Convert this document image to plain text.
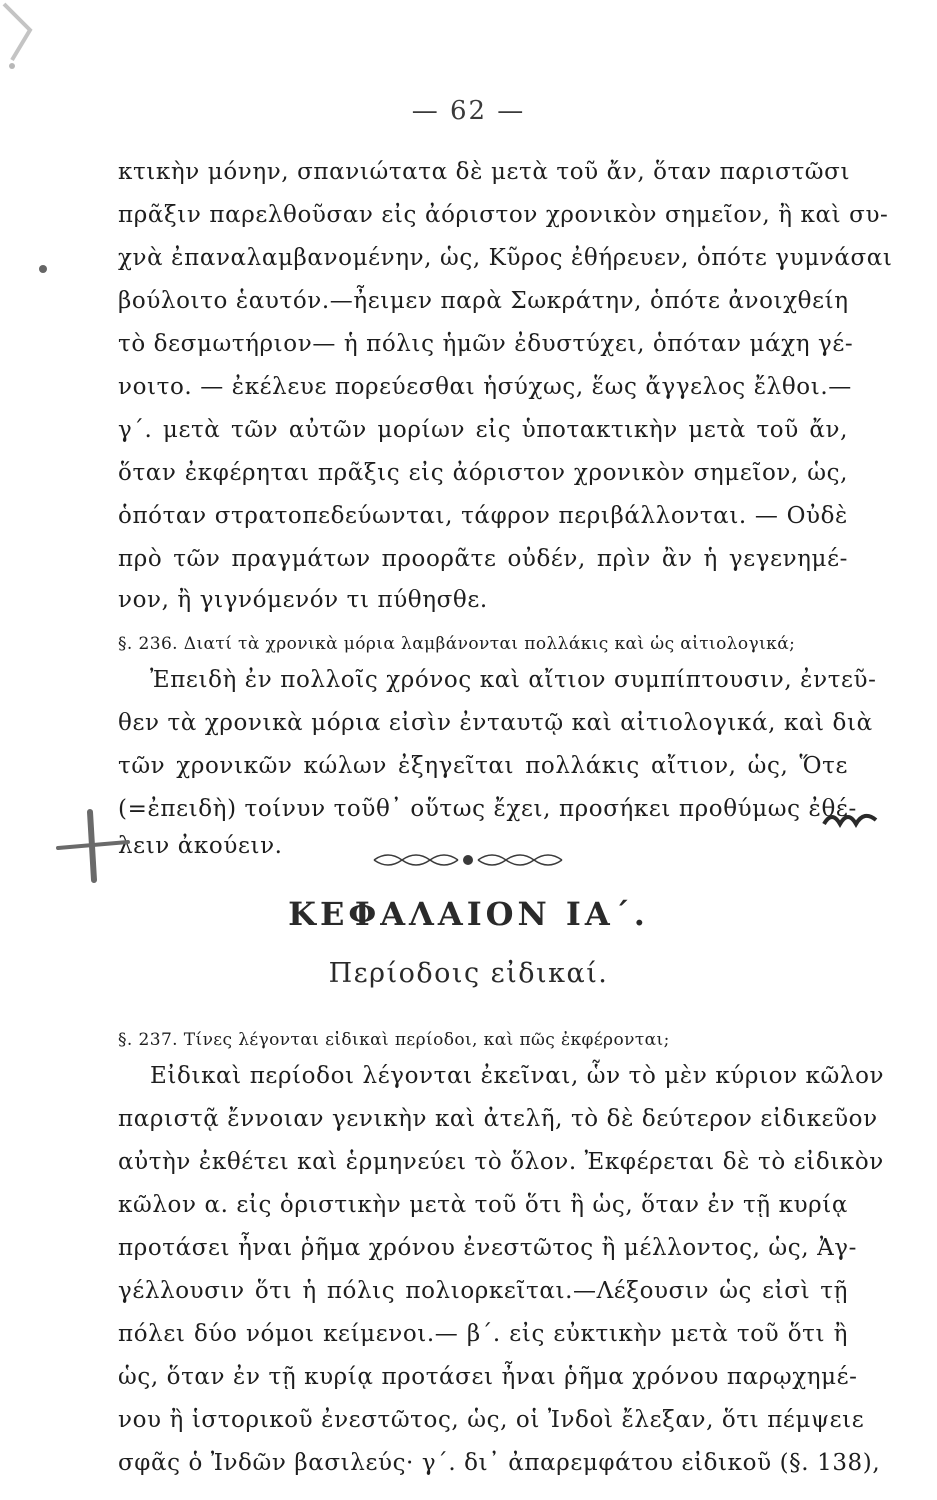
— 62 —
κτικὴν μόνην, σπανιώτατα δὲ μετὰ τοῦ ἄν, ὅταν παριστῶσι
πρᾶξιν παρελθοῦσαν εἰς ἀόριστον χρονικὸν σημεῖον, ἢ καὶ συ-
χνὰ ἐπαναλαμβανομένην, ὡς, Κῦρος ἐθήρευεν, ὁπότε γυμνάσαι
βούλοιτο ἑαυτόν.—ἦειμεν παρὰ Σωκράτην, ὁπότε ἀνοιχθείη
τὸ δεσμωτήριον— ἡ πόλις ἡμῶν ἐδυστύχει, ὁπόταν μάχη γέ-
νοιτο. — ἐκέλευε πορεύεσθαι ἡσύχως, ἕως ἄγγελος ἔλθοι.—
γ΄. μετὰ τῶν αὐτῶν μορίων εἰς ὑποτακτικὴν μετὰ τοῦ ἄν,
ὅταν ἐκφέρηται πρᾶξις εἰς ἀόριστον χρονικὸν σημεῖον, ὡς,
ὁπόταν στρατοπεδεύωνται, τάφρον περιβάλλονται. — Οὐδὲ
πρὸ τῶν πραγμάτων προορᾶτε οὐδέν, πρὶν ἂν ἡ γεγενημέ-
νον, ἢ γιγνόμενόν τι πύθησθε.
§. 236. Διατί τὰ χρονικὰ μόρια λαμβάνονται πολλάκις καὶ ὡς αἰτιολογικά;
Ἐπειδὴ ἐν πολλοῖς χρόνος καὶ αἴτιον συμπίπτουσιν, ἐντεῦ-
θεν τὰ χρονικὰ μόρια εἰσὶν ἐνταυτῷ καὶ αἰτιολογικά, καὶ διὰ
τῶν χρονικῶν κώλων ἐξηγεῖται πολλάκις αἴτιον, ὡς, Ὅτε
(=ἐπειδὴ) τοίνυν τοῦθ᾽ οὕτως ἔχει, προσήκει προθύμως ἐθέ-
λειν ἀκούειν.
ΚΕΦΑΛΑΙΟΝ ΙΑ΄.
Περίοδοις εἰδικαί.
§. 237. Τίνες λέγονται εἰδικαὶ περίοδοι, καὶ πῶς ἐκφέρονται;
Εἰδικαὶ περίοδοι λέγονται ἐκεῖναι, ὧν τὸ μὲν κύριον κῶλον
παριστᾷ ἔννοιαν γενικὴν καὶ ἀτελῆ, τὸ δὲ δεύτερον εἰδικεῦον
αὐτὴν ἐκθέτει καὶ ἑρμηνεύει τὸ ὅλον. Ἐκφέρεται δὲ τὸ εἰδικὸν
κῶλον α. εἰς ὁριστικὴν μετὰ τοῦ ὅτι ἢ ὡς, ὅταν ἐν τῇ κυρίᾳ
προτάσει ἦναι ῥῆμα χρόνου ἐνεστῶτος ἢ μέλλοντος, ὡς, Ἀγ-
γέλλουσιν ὅτι ἡ πόλις πολιορκεῖται.—Λέξουσιν ὡς εἰσὶ τῇ
πόλει δύο νόμοι κείμενοι.— β΄. εἰς εὐκτικὴν μετὰ τοῦ ὅτι ἢ
ὡς, ὅταν ἐν τῇ κυρίᾳ προτάσει ἦναι ῥῆμα χρόνου παρῳχημέ-
νου ἢ ἱστορικοῦ ἐνεστῶτος, ὡς, οἱ Ἰνδοὶ ἔλεξαν, ὅτι πέμψειε
σφᾶς ὁ Ἰνδῶν βασιλεύς· γ΄. δι᾽ ἀπαρεμφάτου εἰδικοῦ (§. 138),
